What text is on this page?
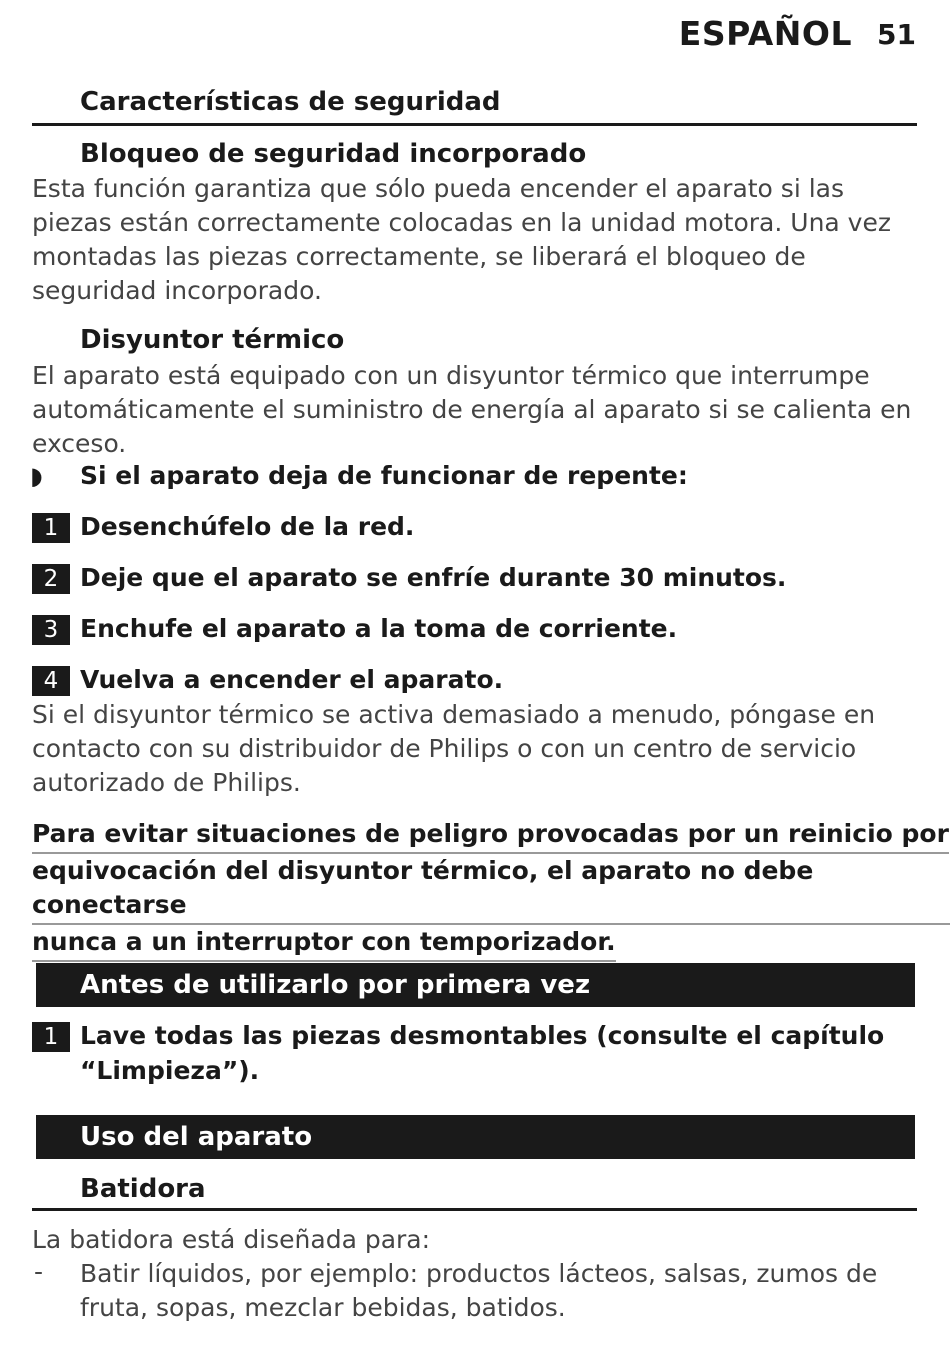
ESPAÑOL 51
Características de seguridad
Bloqueo de seguridad incorporado
Esta función garantiza que sólo pueda encender el aparato si las piezas están correctamente colocadas en la unidad motora. Una vez montadas las piezas correctamente, se liberará el bloqueo de seguridad incorporado.
Disyuntor térmico
El aparato está equipado con un disyuntor térmico que interrumpe automáticamente el suministro de energía al aparato si se calienta en exceso.
◗ Si el aparato deja de funcionar de repente:
1 Desenchúfelo de la red.
2 Deje que el aparato se enfríe durante 30 minutos.
3 Enchufe el aparato a la toma de corriente.
4 Vuelva a encender el aparato.
Si el disyuntor térmico se activa demasiado a menudo, póngase en contacto con su distribuidor de Philips o con un centro de servicio autorizado de Philips.
Para evitar situaciones de peligro provocadas por un reinicio por
equivocación del disyuntor térmico, el aparato no debe conectarse
nunca a un interruptor con temporizador.
Antes de utilizarlo por primera vez
1 Lave todas las piezas desmontables (consulte el capítulo
“Limpieza”).
Uso del aparato
Batidora
La batidora está diseñada para:
- Batir líquidos, por ejemplo: productos lácteos, salsas, zumos de fruta, sopas, mezclar bebidas, batidos.
